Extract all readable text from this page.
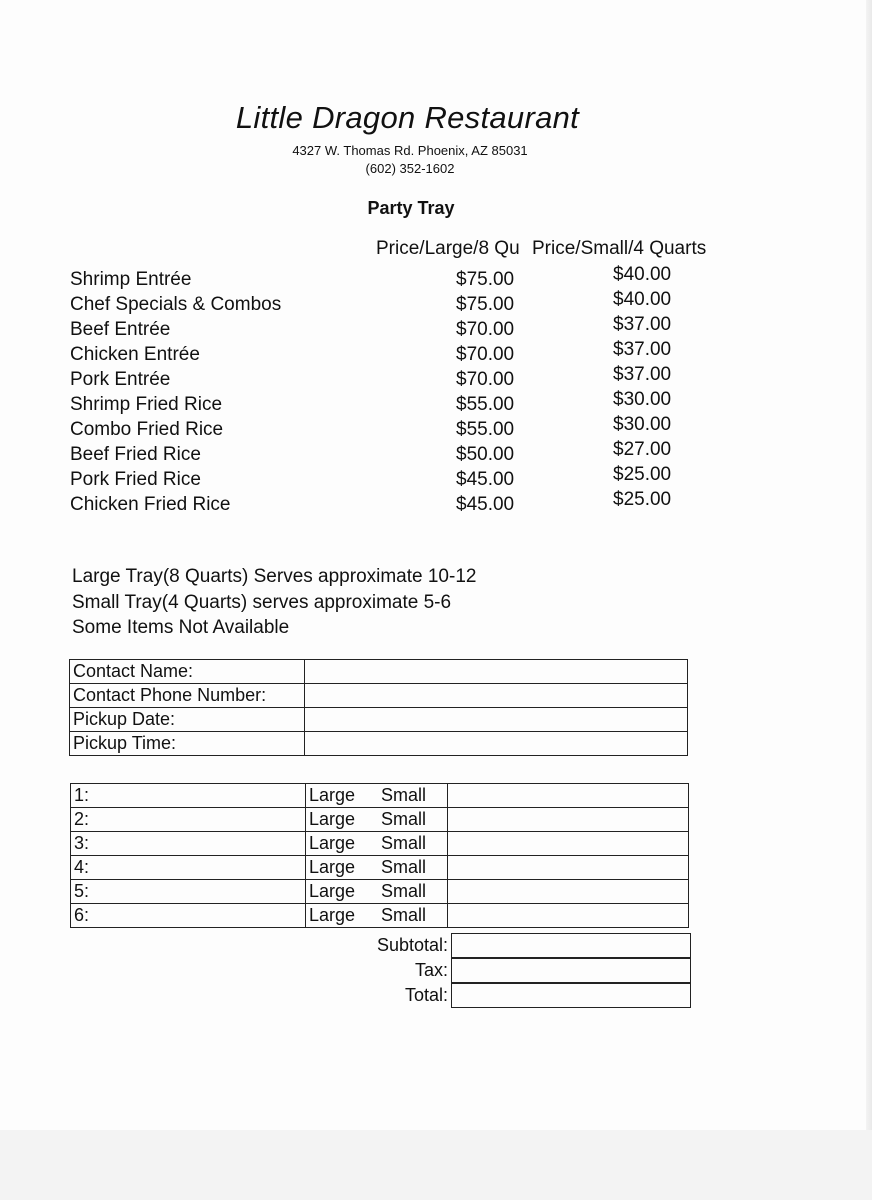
Little Dragon Restaurant
4327 W. Thomas Rd. Phoenix, AZ 85031
(602) 352-1602
Party Tray
Price/Large/8 Qu Price/Small/4 Quarts
Shrimp Entrée	$75.00	$40.00
Chef Specials & Combos	$75.00	$40.00
Beef Entrée	$70.00	$37.00
Chicken Entrée	$70.00	$37.00
Pork Entrée	$70.00	$37.00
Shrimp Fried Rice	$55.00	$30.00
Combo Fried Rice	$55.00	$30.00
Beef Fried Rice	$50.00	$27.00
Pork Fried Rice	$45.00	$25.00
Chicken Fried Rice	$45.00	$25.00
Large Tray(8 Quarts) Serves approximate 10-12
Small Tray(4 Quarts) serves approximate 5-6
Some Items Not Available
Contact Name:	
Contact Phone Number:	
Pickup Date:	
Pickup Time:	
1:	Large Small	
2:	Large Small	
3:	Large Small	
4:	Large Small	
5:	Large Small	
6:	Large Small	
Subtotal:
Tax:
Total:
